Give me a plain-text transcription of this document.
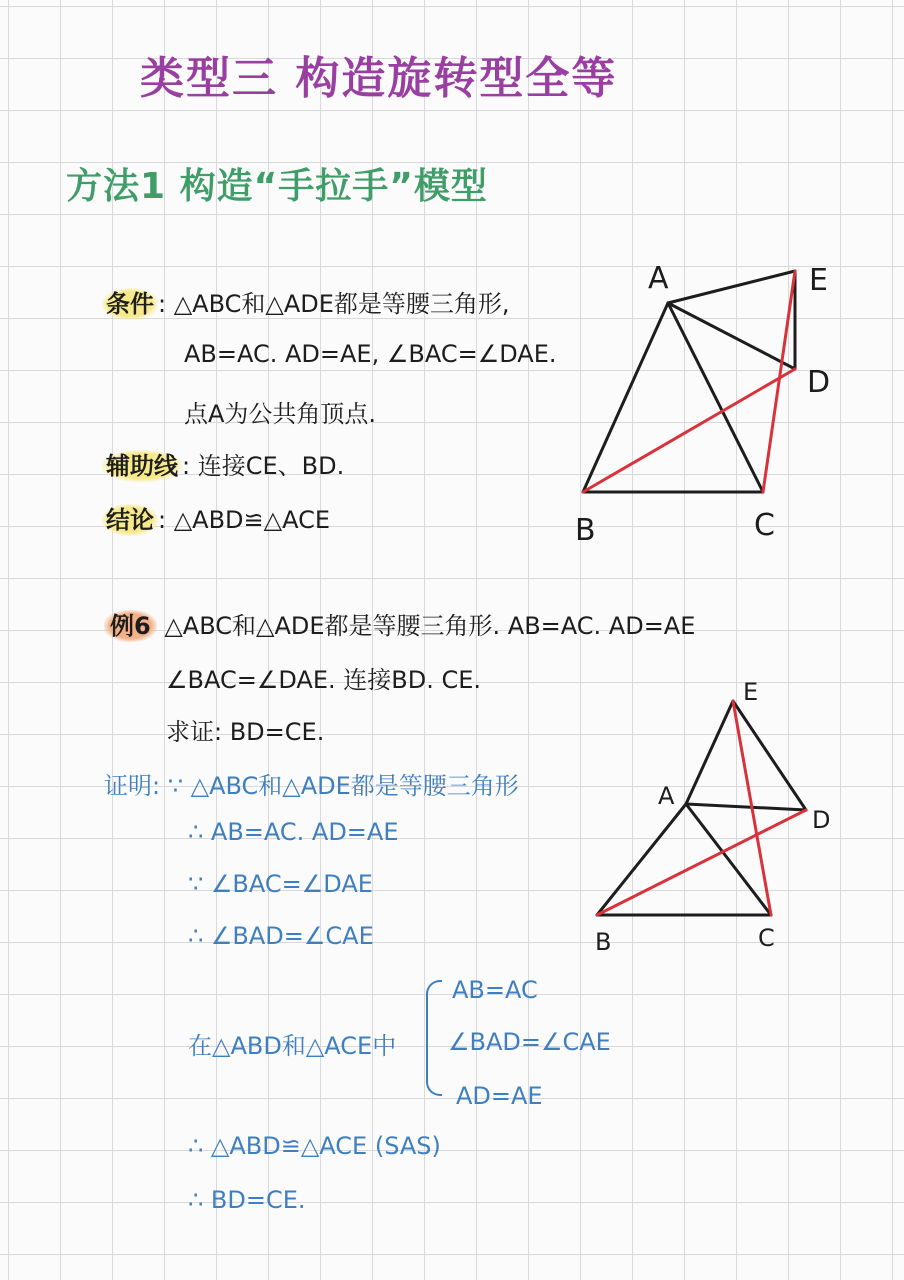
类型三 构造旋转型全等
方法1 构造“手拉手”模型
条件 : △ABC和△ADE都是等腰三角形,
AB=AC. AD=AE, ∠BAC=∠DAE.
点A为公共角顶点.
辅助线 : 连接CE、BD.
结论 : △ABD≌△ACE
A
B	C
D
E
例6 △ABC和△ADE都是等腰三角形. AB=AC. AD=AE
∠BAC=∠DAE. 连接BD. CE.
求证: BD=CE.
A
B	C
D
E
证明: ∵ △ABC和△ADE都是等腰三角形
∴ AB=AC. AD=AE
∵ ∠BAC=∠DAE
∴ ∠BAD=∠CAE
在△ABD和△ACE中
AB=AC
∠BAD=∠CAE
AD=AE
∴ △ABD≌△ACE (SAS)
∴ BD=CE.
